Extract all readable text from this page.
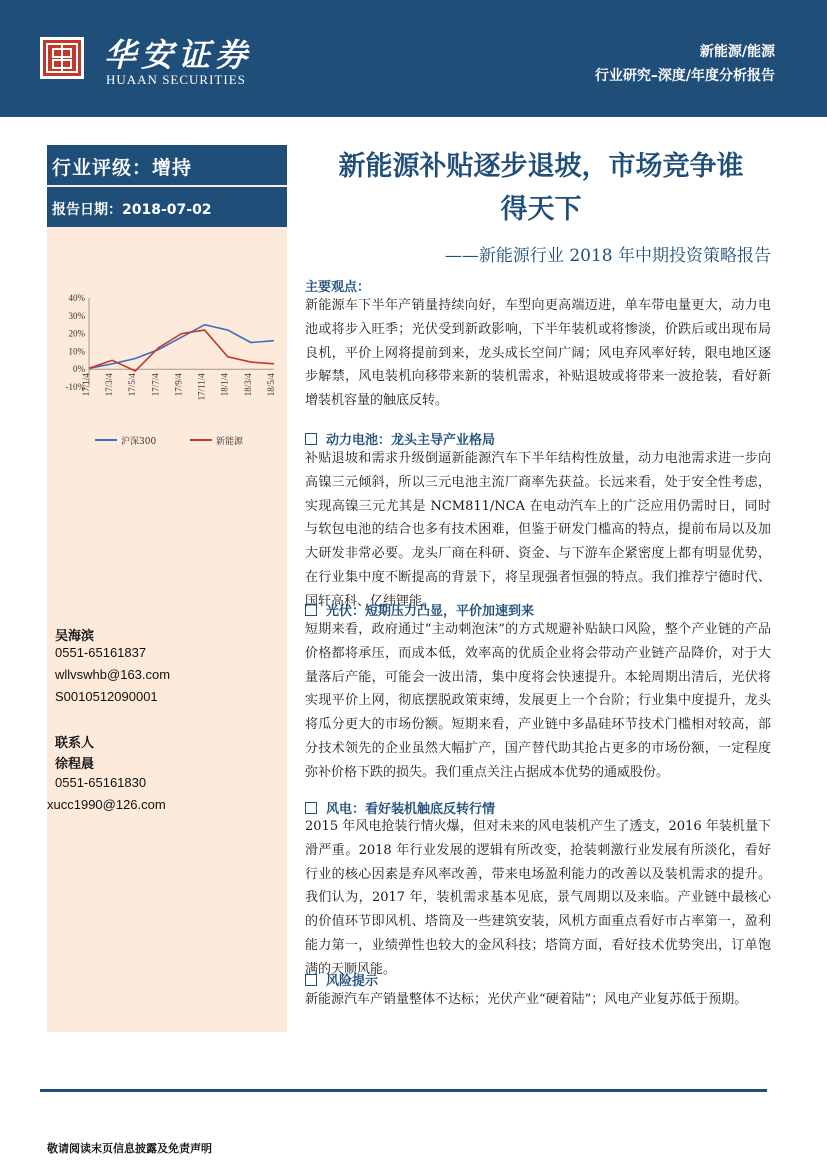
华安证券
HUAAN SECURITIES
新能源/能源
行业研究–深度/年度分析报告
行业评级：增持
报告日期：2018-07-02
40%
30%
20%
10%
0%
-10%
17/1/4 17/3/4 17/5/4 17/7/4 17/9/4 17/11/4 18/1/4 18/3/4 18/5/4
沪深300	新能源
吴海滨
0551-65161837
wllvswhb@163.com
S0010512090001
联系人
徐程晨
0551-65161830
xucc1990@126.com
新能源补贴逐步退坡，市场竞争谁
得天下
——新能源行业 2018 年中期投资策略报告
主要观点：

新能源车下半年产销量持续向好，车型向更高端迈进，单车带电量更大，动力电池或将步入旺季；光伏受到新政影响，下半年装机或将惨淡，价跌后或出现布局良机，平价上网将提前到来，龙头成长空间广阔；风电弃风率好转，限电地区逐步解禁，风电装机向移带来新的装机需求，补贴退坡或将带来一波抢装，看好新增装机容量的触底反转。

动力电池：龙头主导产业格局

补贴退坡和需求升级倒逼新能源汽车下半年结构性放量，动力电池需求进一步向高镍三元倾斜，所以三元电池主流厂商率先获益。长远来看，处于安全性考虑，实现高镍三元尤其是 NCM811/NCA 在电动汽车上的广泛应用仍需时日，同时与软包电池的结合也多有技术困难，但鉴于研发门槛高的特点，提前布局以及加大研发非常必要。龙头厂商在科研、资金、与下游车企紧密度上都有明显优势，在行业集中度不断提高的背景下，将呈现强者恒强的特点。我们推荐宁德时代、国轩高科、亿纬锂能。

光伏：短期压力凸显，平价加速到来

短期来看，政府通过“主动刺泡沫”的方式规避补贴缺口风险，整个产业链的产品价格都将承压，而成本低，效率高的优质企业将会带动产业链产品降价，对于大量落后产能，可能会一波出清，集中度将会快速提升。本轮周期出清后，光伏将实现平价上网，彻底摆脱政策束缚，发展更上一个台阶；行业集中度提升，龙头将瓜分更大的市场份额。短期来看，产业链中多晶硅环节技术门槛相对较高，部分技术领先的企业虽然大幅扩产，国产替代助其抢占更多的市场份额，一定程度弥补价格下跌的损失。我们重点关注占据成本优势的通威股份。

风电：看好装机触底反转行情

2015 年风电抢装行情火爆，但对未来的风电装机产生了透支，2016 年装机量下滑严重。2018 年行业发展的逻辑有所改变，抢装刺激行业发展有所淡化，看好行业的核心因素是弃风率改善，带来电场盈利能力的改善以及装机需求的提升。我们认为，2017 年，装机需求基本见底，景气周期以及来临。产业链中最核心的价值环节即风机、塔筒及一些建筑安装，风机方面重点看好市占率第一，盈利能力第一，业绩弹性也较大的金风科技；塔筒方面，看好技术优势突出，订单饱满的天顺风能。

风险提示

新能源汽车产销量整体不达标；光伏产业“硬着陆”；风电产业复苏低于预期。

敬请阅读末页信息披露及免责声明
